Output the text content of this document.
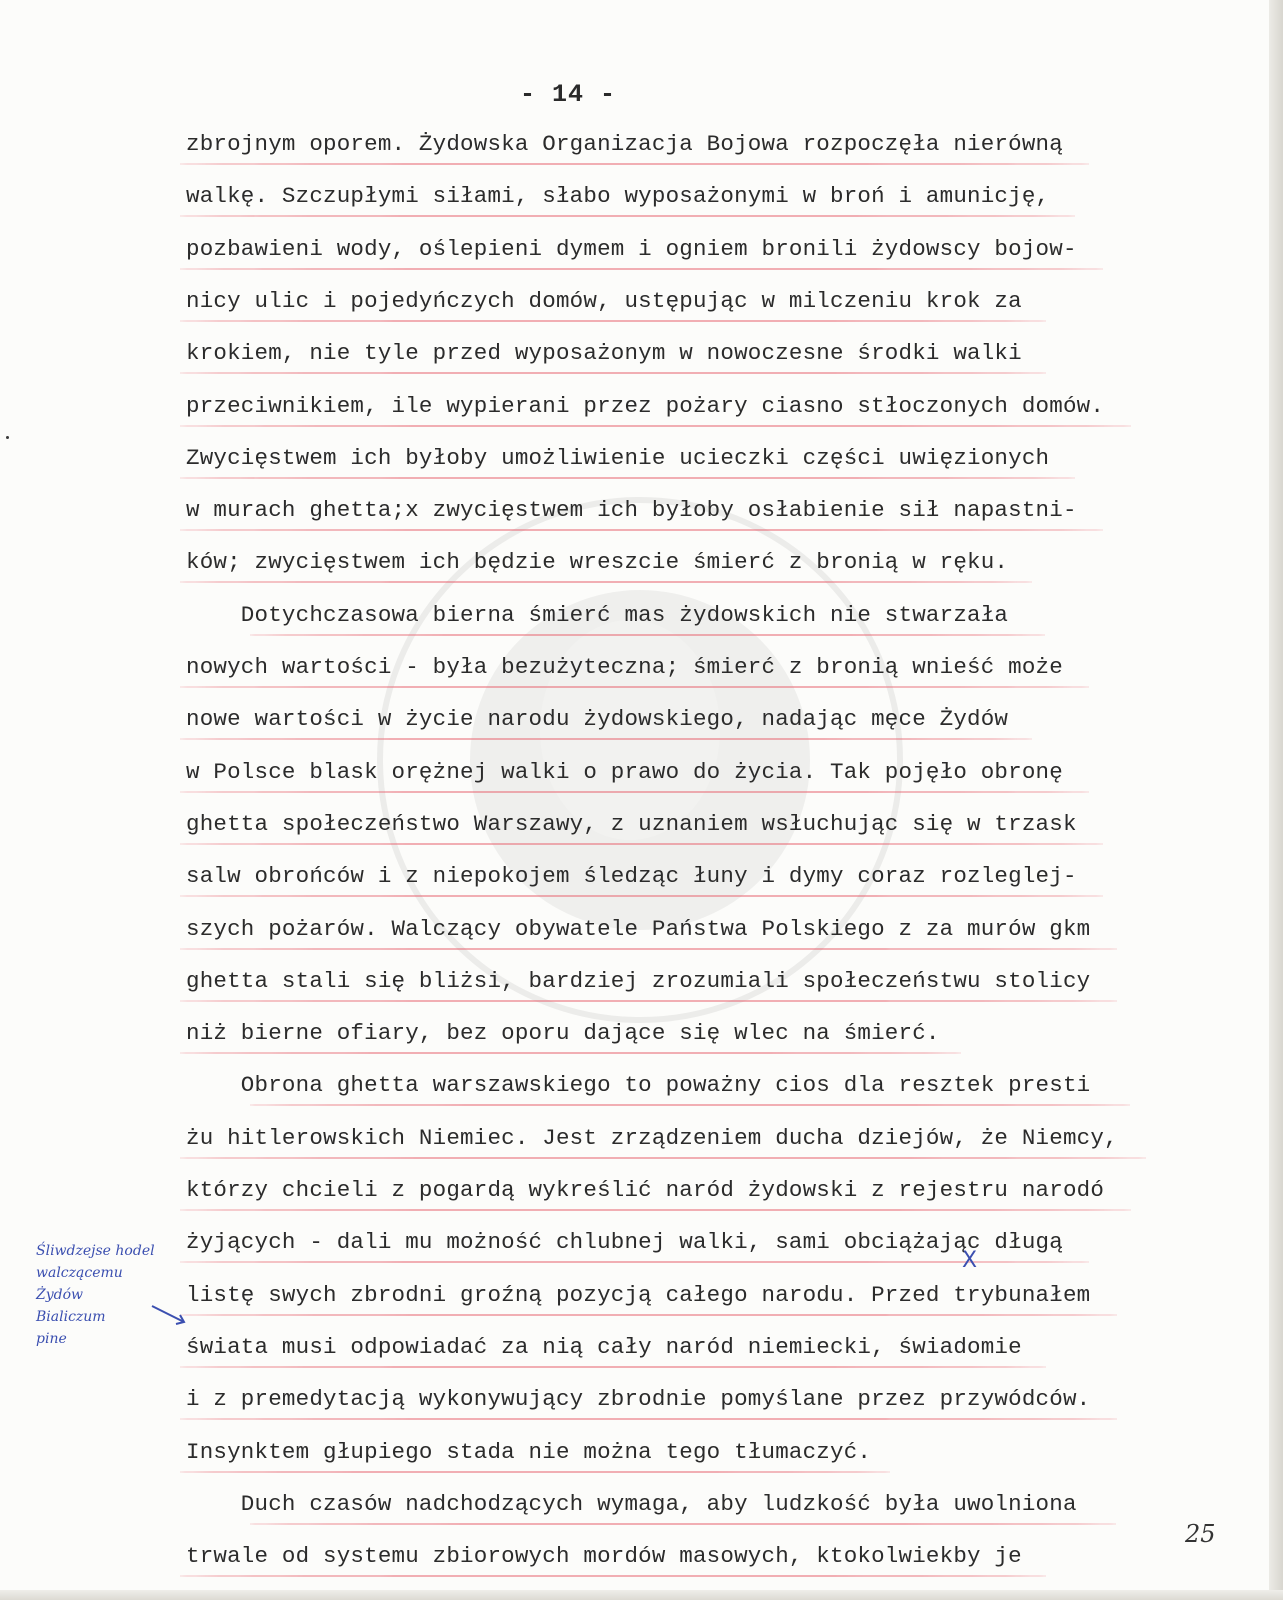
- 14 -
zbrojnym oporem. Żydowska Organizacja Bojowa rozpoczęła nierówną
walkę. Szczupłymi siłami, słabo wyposażonymi w broń i amunicję,
pozbawieni wody, oślepieni dymem i ogniem bronili żydowscy bojow-
nicy ulic i pojedyńczych domów, ustępując w milczeniu krok za
krokiem, nie tyle przed wyposażonym w nowoczesne środki walki
przeciwnikiem, ile wypierani przez pożary ciasno stłoczonych domów.
Zwycięstwem ich byłoby umożliwienie ucieczki części uwięzionych
w murach ghetta;x zwycięstwem ich byłoby osłabienie sił napastni-
ków; zwycięstwem ich będzie wreszcie śmierć z bronią w ręku.
Dotychczasowa bierna śmierć mas żydowskich nie stwarzała
nowych wartości - była bezużyteczna; śmierć z bronią wnieść może
nowe wartości w życie narodu żydowskiego, nadając męce Żydów
w Polsce blask orężnej walki o prawo do życia. Tak pojęło obronę
ghetta społeczeństwo Warszawy, z uznaniem wsłuchując się w trzask
salw obrońców i z niepokojem śledząc łuny i dymy coraz rozleglej-
szych pożarów. Walczący obywatele Państwa Polskiego z za murów gkm
ghetta stali się bliżsi, bardziej zrozumiali społeczeństwu stolicy
niż bierne ofiary, bez oporu dające się wlec na śmierć.
Obrona ghetta warszawskiego to poważny cios dla resztek presti
żu hitlerowskich Niemiec. Jest zrządzeniem ducha dziejów, że Niemcy,
którzy chcieli z pogardą wykreślić naród żydowski z rejestru narodó
żyjących - dali mu możność chlubnej walki, sami obciążając długą
listę swych zbrodni groźną pozycją całego narodu. Przed trybunałem
świata musi odpowiadać za nią cały naród niemiecki, świadomie
i z premedytacją wykonywujący zbrodnie pomyślane przez przywódców.
Insynktem głupiego stada nie można tego tłumaczyć.
Duch czasów nadchodzących wymaga, aby ludzkość była uwolniona
trwale od systemu zbiorowych mordów masowych, ktokolwiekby je
Śliwdzejse hodel
walczącemu
Żydów
Bialiczum
pine
X
25
